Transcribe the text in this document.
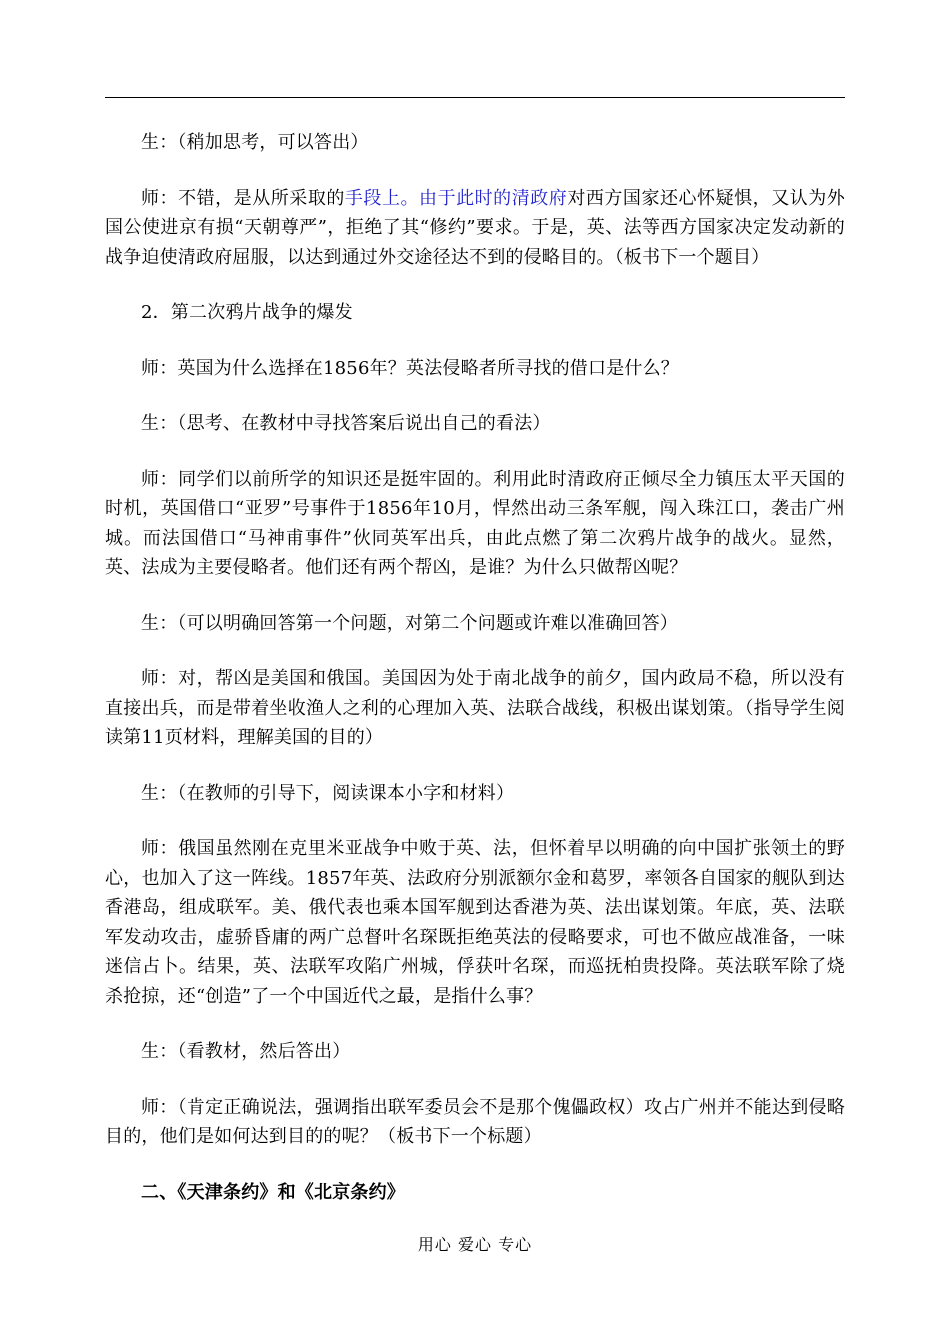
生：（稍加思考，可以答出）

师：不错，是从所采取的手段上。由于此时的清政府对西方国家还心怀疑惧，又认为外国公使进京有损“天朝尊严”，拒绝了其“修约”要求。于是，英、法等西方国家决定发动新的战争迫使清政府屈服，以达到通过外交途径达不到的侵略目的。（板书下一个题目）

2．第二次鸦片战争的爆发

师：英国为什么选择在1856年？英法侵略者所寻找的借口是什么？

生：（思考、在教材中寻找答案后说出自己的看法）

师：同学们以前所学的知识还是挺牢固的。利用此时清政府正倾尽全力镇压太平天国的时机，英国借口“亚罗”号事件于1856年10月，悍然出动三条军舰，闯入珠江口，袭击广州城。而法国借口“马神甫事件”伙同英军出兵，由此点燃了第二次鸦片战争的战火。显然，英、法成为主要侵略者。他们还有两个帮凶，是谁？为什么只做帮凶呢？

生：（可以明确回答第一个问题，对第二个问题或许难以准确回答）

师：对，帮凶是美国和俄国。美国因为处于南北战争的前夕，国内政局不稳，所以没有直接出兵，而是带着坐收渔人之利的心理加入英、法联合战线，积极出谋划策。（指导学生阅读第11页材料，理解美国的目的）

生：（在教师的引导下，阅读课本小字和材料）

师：俄国虽然刚在克里米亚战争中败于英、法，但怀着早以明确的向中国扩张领土的野心，也加入了这一阵线。1857年英、法政府分别派额尔金和葛罗，率领各自国家的舰队到达香港岛，组成联军。美、俄代表也乘本国军舰到达香港为英、法出谋划策。年底，英、法联军发动攻击，虚骄昏庸的两广总督叶名琛既拒绝英法的侵略要求，可也不做应战准备，一味迷信占卜。结果，英、法联军攻陷广州城，俘获叶名琛，而巡抚柏贵投降。英法联军除了烧杀抢掠，还“创造”了一个中国近代之最，是指什么事？

生：（看教材，然后答出）

师：（肯定正确说法，强调指出联军委员会不是那个傀儡政权）攻占广州并不能达到侵略目的，他们是如何达到目的的呢？（板书下一个标题）

二、《天津条约》和《北京条约》

用心 爱心 专心
